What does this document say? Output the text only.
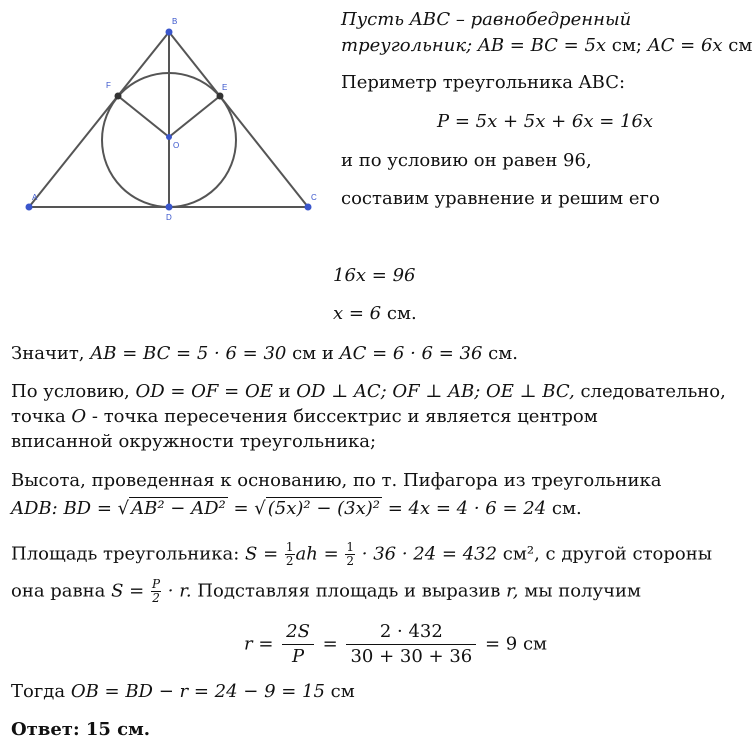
A
B
C
D
E
F
O
Пусть ABC – равнобедренный
треугольник; AB = BC = 5x см; AC = 6x см
Периметр треугольника ABC:
P = 5x + 5x + 6x = 16x
и по условию он равен 96,
составим уравнение и решим его
16x = 96
x = 6 см.
Значит, AB = BC = 5 · 6 = 30 см и AC = 6 · 6 = 36 см.
По условию, OD = OF = OE и OD ⊥ AC; OF ⊥ AB; OE ⊥ BC, следовательно,
точка O - точка пересечения биссектрис и является центром
вписанной окружности треугольника;
Высота, проведенная к основанию, по т. Пифагора из треугольника
ADB: BD = √ AB² − AD² = √ (5x)² − (3x)² = 4x = 4 · 6 = 24 см.
Площадь треугольника: $S = \frac{1}{2}$ ah = $\frac{1}{2} \cdot 36 \cdot 24 = 432$ см², с другой стороны
она равна $S = \frac{P}{2} \cdot r$. Подставляя площадь и выразив r, мы получим
$r = \frac{2S}{P} = \frac{2 \cdot 432}{30 + 30 + 36} = 9$ см
Тогда OB = BD − r = 24 − 9 = 15 см
Ответ: 15 см.
